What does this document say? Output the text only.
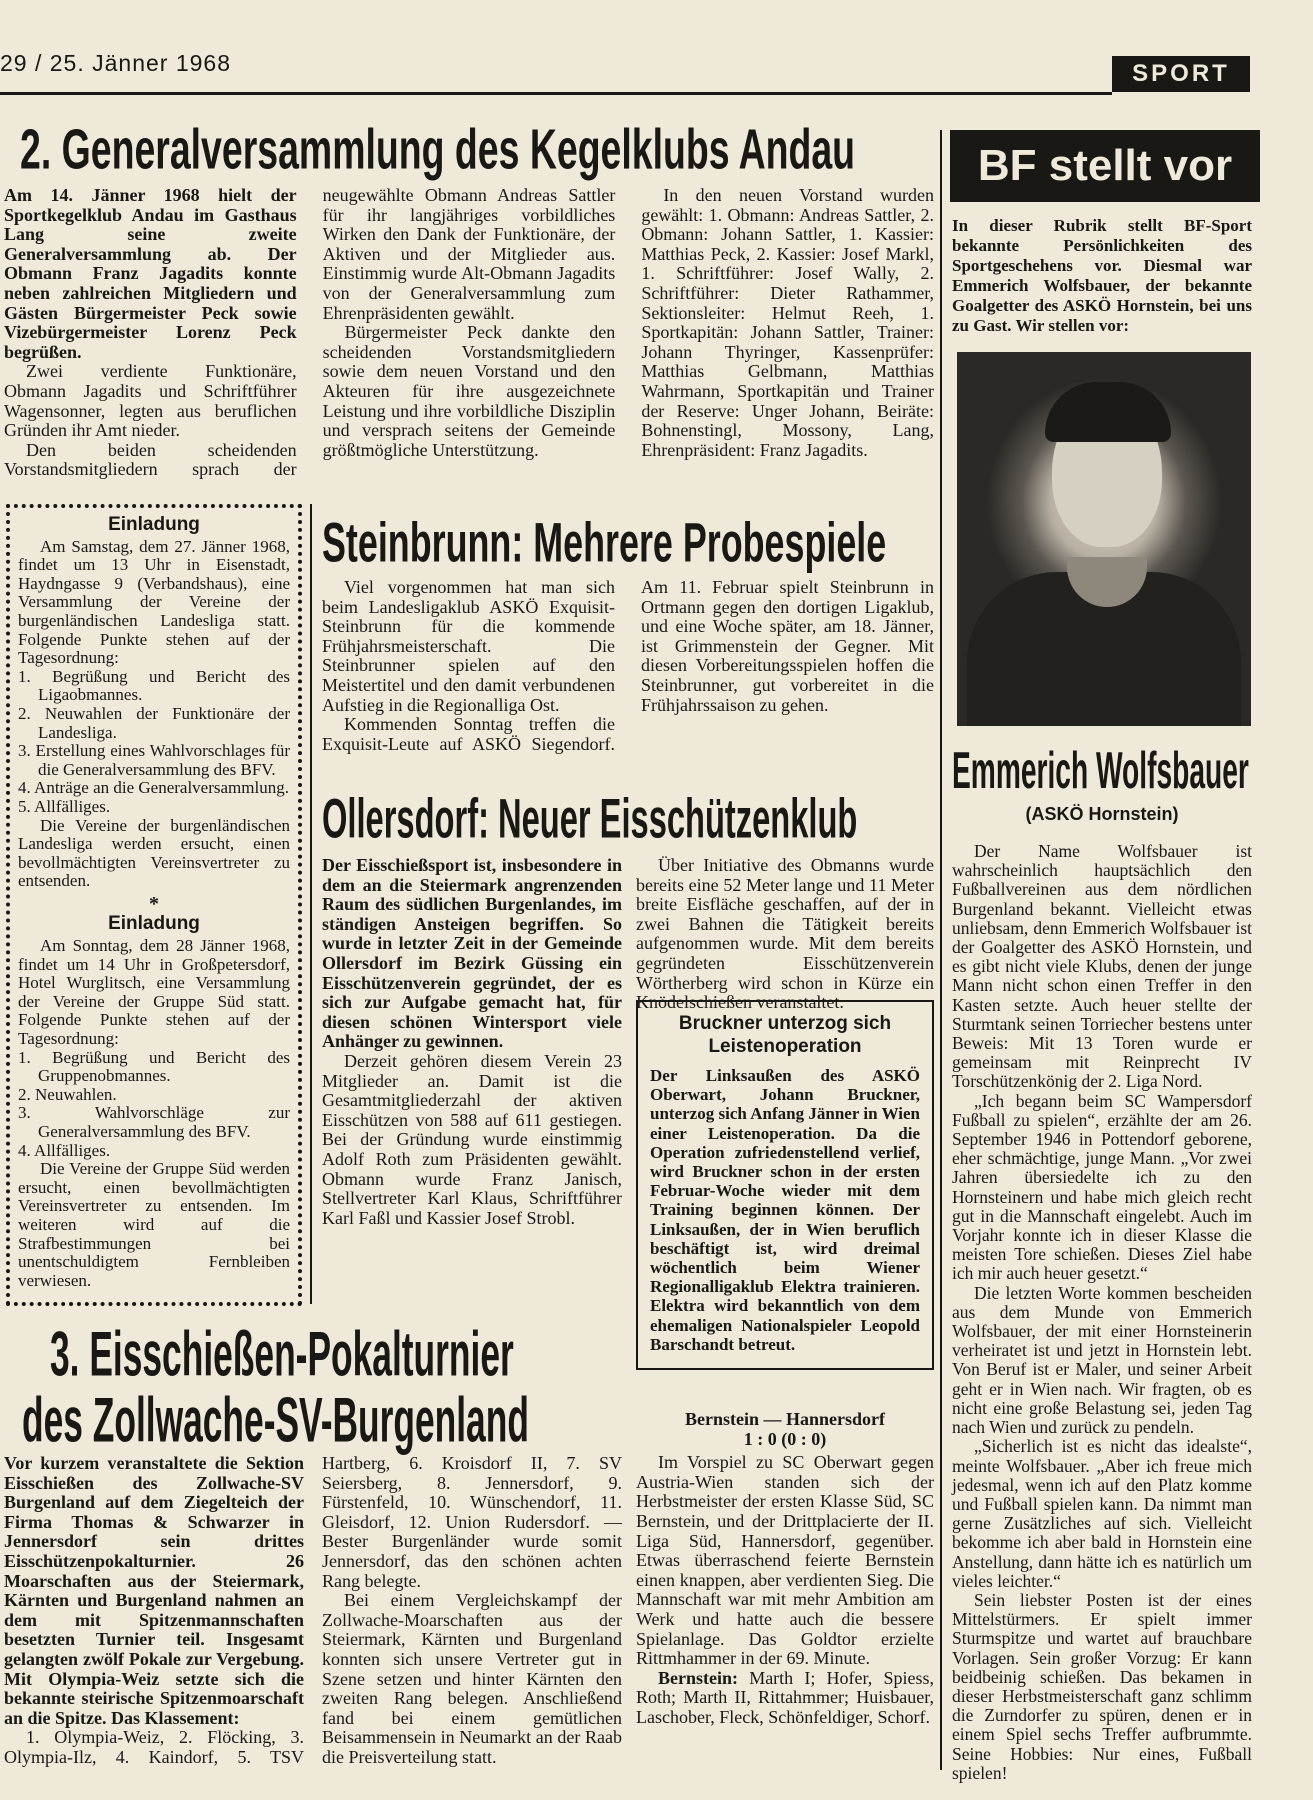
29 / 25. Jänner 1968	SPORT
2. Generalversammlung des Kegelklubs Andau

Am 14. Jänner 1968 hielt der Sportkegelklub Andau im Gasthaus Lang seine zweite Generalversammlung ab. Der Obmann Franz Jagadits konnte neben zahlreichen Mitgliedern und Gästen Bürgermeister Peck sowie Vizebürgermeister Lorenz Peck begrüßen.

Zwei verdiente Funktionäre, Obmann Jagadits und Schriftführer Wagensonner, legten aus beruflichen Gründen ihr Amt nieder.

Den beiden scheidenden Vorstandsmitgliedern sprach der neugewählte Obmann Andreas Sattler für ihr langjähriges vorbildliches Wirken den Dank der Funktionäre, der Aktiven und der Mitglieder aus. Einstimmig wurde Alt-Obmann Jagadits von der Generalversammlung zum Ehrenpräsidenten gewählt.

Bürgermeister Peck dankte den scheidenden Vorstandsmitgliedern sowie dem neuen Vorstand und den Akteuren für ihre ausgezeichnete Leistung und ihre vorbildliche Disziplin und versprach seitens der Gemeinde größtmögliche Unterstützung.

In den neuen Vorstand wurden gewählt: 1. Obmann: Andreas Sattler, 2. Obmann: Johann Sattler, 1. Kassier: Matthias Peck, 2. Kassier: Josef Markl, 1. Schriftführer: Josef Wally, 2. Schriftführer: Dieter Rathammer, Sektionsleiter: Helmut Reeh, 1. Sportkapitän: Johann Sattler, Trainer: Johann Thyringer, Kassenprüfer: Matthias Gelbmann, Matthias Wahrmann, Sportkapitän und Trainer der Reserve: Unger Johann, Beiräte: Bohnenstingl, Mossony, Lang, Ehrenpräsident: Franz Jagadits.

Einladung

Am Samstag, dem 27. Jänner 1968, findet um 13 Uhr in Eisenstadt, Haydngasse 9 (Verbandshaus), eine Versammlung der Vereine der burgenländischen Landesliga statt. Folgende Punkte stehen auf der Tagesordnung:

1. Begrüßung und Bericht des Ligaobmannes.
2. Neuwahlen der Funktionäre der Landesliga.
3. Erstellung eines Wahlvorschlages für die Generalversammlung des BFV.
4. Anträge an die Generalversammlung.
5. Allfälliges.

Die Vereine der burgenländischen Landesliga werden ersucht, einen bevollmächtigten Vereinsvertreter zu entsenden.

*
Einladung

Am Sonntag, dem 28 Jänner 1968, findet um 14 Uhr in Großpetersdorf, Hotel Wurglitsch, eine Versammlung der Vereine der Gruppe Süd statt. Folgende Punkte stehen auf der Tagesordnung:

1. Begrüßung und Bericht des Gruppenobmannes.
2. Neuwahlen.
3. Wahlvorschläge zur Generalversammlung des BFV.
4. Allfälliges.

Die Vereine der Gruppe Süd werden ersucht, einen bevollmächtigten Vereinsvertreter zu entsenden. Im weiteren wird auf die Strafbestimmungen bei unentschuldigtem Fernbleiben verwiesen.

Steinbrunn: Mehrere Probespiele

Viel vorgenommen hat man sich beim Landesligaklub ASKÖ Exquisit-Steinbrunn für die kommende Frühjahrsmeisterschaft. Die Steinbrunner spielen auf den Meistertitel und den damit verbundenen Aufstieg in die Regionalliga Ost.

Kommenden Sonntag treffen die Exquisit-Leute auf ASKÖ Siegendorf. Am 11. Februar spielt Steinbrunn in Ortmann gegen den dortigen Ligaklub, und eine Woche später, am 18. Jänner, ist Grimmenstein der Gegner. Mit diesen Vorbereitungsspielen hoffen die Steinbrunner, gut vorbereitet in die Frühjahrssaison zu gehen.

Ollersdorf: Neuer Eisschützenklub

Der Eisschießsport ist, insbesondere in dem an die Steiermark angrenzenden Raum des südlichen Burgenlandes, im ständigen Ansteigen begriffen. So wurde in letzter Zeit in der Gemeinde Ollersdorf im Bezirk Güssing ein Eisschützenverein gegründet, der es sich zur Aufgabe gemacht hat, für diesen schönen Wintersport viele Anhänger zu gewinnen.

Derzeit gehören diesem Verein 23 Mitglieder an. Damit ist die Gesamtmitgliederzahl der aktiven Eisschützen von 588 auf 611 gestiegen. Bei der Gründung wurde einstimmig Adolf Roth zum Präsidenten gewählt. Obmann wurde Franz Janisch, Stellvertreter Karl Klaus, Schriftführer Karl Faßl und Kassier Josef Strobl.

Über Initiative des Obmanns wurde bereits eine 52 Meter lange und 11 Meter breite Eisfläche geschaffen, auf der in zwei Bahnen die Tätigkeit bereits aufgenommen wurde. Mit dem bereits gegründeten Eisschützenverein Wörtherberg wird schon in Kürze ein Knödelschießen veranstaltet.

Bruckner unterzog sich Leistenoperation
Der Linksaußen des ASKÖ Oberwart, Johann Bruckner, unterzog sich Anfang Jänner in Wien einer Leistenoperation. Da die Operation zufriedenstellend verlief, wird Bruckner schon in der ersten Februar-Woche wieder mit dem Training beginnen können. Der Linksaußen, der in Wien beruflich beschäftigt ist, wird dreimal wöchentlich beim Wiener Regionalligaklub Elektra trainieren. Elektra wird bekanntlich von dem ehemaligen Nationalspieler Leopold Barschandt betreut.
3. Eisschießen-Pokalturnier
des Zollwache-SV-Burgenland

Vor kurzem veranstaltete die Sektion Eisschießen des Zollwache-SV Burgenland auf dem Ziegelteich der Firma Thomas & Schwarzer in Jennersdorf sein drittes Eisschützenpokalturnier. 26 Moarschaften aus der Steiermark, Kärnten und Burgenland nahmen an dem mit Spitzenmannschaften besetzten Turnier teil. Insgesamt gelangten zwölf Pokale zur Vergebung. Mit Olympia-Weiz setzte sich die bekannte steirische Spitzenmoarschaft an die Spitze. Das Klassement:

1. Olympia-Weiz, 2. Flöcking, 3. Olympia-Ilz, 4. Kaindorf, 5. TSV Hartberg, 6. Kroisdorf II, 7. SV Seiersberg, 8. Jennersdorf, 9. Fürstenfeld, 10. Wünschendorf, 11. Gleisdorf, 12. Union Rudersdorf. — Bester Burgenländer wurde somit Jennersdorf, das den schönen achten Rang belegte.

Bei einem Vergleichskampf der Zollwache-Moarschaften aus der Steiermark, Kärnten und Burgenland konnten sich unsere Vertreter gut in Szene setzen und hinter Kärnten den zweiten Rang belegen. Anschließend fand bei einem gemütlichen Beisammensein in Neumarkt an der Raab die Preisverteilung statt.

Bernstein — Hannersdorf
1 : 0 (0 : 0)

Im Vorspiel zu SC Oberwart gegen Austria-Wien standen sich der Herbstmeister der ersten Klasse Süd, SC Bernstein, und der Drittplacierte der II. Liga Süd, Hannersdorf, gegenüber. Etwas überraschend feierte Bernstein einen knappen, aber verdienten Sieg. Die Mannschaft war mit mehr Ambition am Werk und hatte auch die bessere Spielanlage. Das Goldtor erzielte Rittmhammer in der 69. Minute.

Bernstein: Marth I; Hofer, Spiess, Roth; Marth II, Rittahmmer; Huisbauer, Laschober, Fleck, Schönfeldiger, Schorf.

BF stellt vor
In dieser Rubrik stellt BF-Sport bekannte Persönlichkeiten des Sportgeschehens vor. Diesmal war Emmerich Wolfsbauer, der bekannte Goalgetter des ASKÖ Hornstein, bei uns zu Gast. Wir stellen vor:
Emmerich Wolfsbauer
(ASKÖ Hornstein)

Der Name Wolfsbauer ist wahrscheinlich hauptsächlich den Fußballvereinen aus dem nördlichen Burgenland bekannt. Vielleicht etwas unliebsam, denn Emmerich Wolfsbauer ist der Goalgetter des ASKÖ Hornstein, und es gibt nicht viele Klubs, denen der junge Mann nicht schon einen Treffer in den Kasten setzte. Auch heuer stellte der Sturmtank seinen Torriecher bestens unter Beweis: Mit 13 Toren wurde er gemeinsam mit Reinprecht IV Torschützenkönig der 2. Liga Nord.

„Ich begann beim SC Wampersdorf Fußball zu spielen“, erzählte der am 26. September 1946 in Pottendorf geborene, eher schmächtige, junge Mann. „Vor zwei Jahren übersiedelte ich zu den Hornsteinern und habe mich gleich recht gut in die Mannschaft eingelebt. Auch im Vorjahr konnte ich in dieser Klasse die meisten Tore schießen. Dieses Ziel habe ich mir auch heuer gesetzt.“

Die letzten Worte kommen bescheiden aus dem Munde von Emmerich Wolfsbauer, der mit einer Hornsteinerin verheiratet ist und jetzt in Hornstein lebt. Von Beruf ist er Maler, und seiner Arbeit geht er in Wien nach. Wir fragten, ob es nicht eine große Belastung sei, jeden Tag nach Wien und zurück zu pendeln.

„Sicherlich ist es nicht das idealste“, meinte Wolfsbauer. „Aber ich freue mich jedesmal, wenn ich auf den Platz komme und Fußball spielen kann. Da nimmt man gerne Zusätzliches auf sich. Vielleicht bekomme ich aber bald in Hornstein eine Anstellung, dann hätte ich es natürlich um vieles leichter.“

Sein liebster Posten ist der eines Mittelstürmers. Er spielt immer Sturmspitze und wartet auf brauchbare Vorlagen. Sein großer Vorzug: Er kann beidbeinig schießen. Das bekamen in dieser Herbstmeisterschaft ganz schlimm die Zurndorfer zu spüren, denen er in einem Spiel sechs Treffer aufbrummte. Seine Hobbies: Nur eines, Fußball spielen!
